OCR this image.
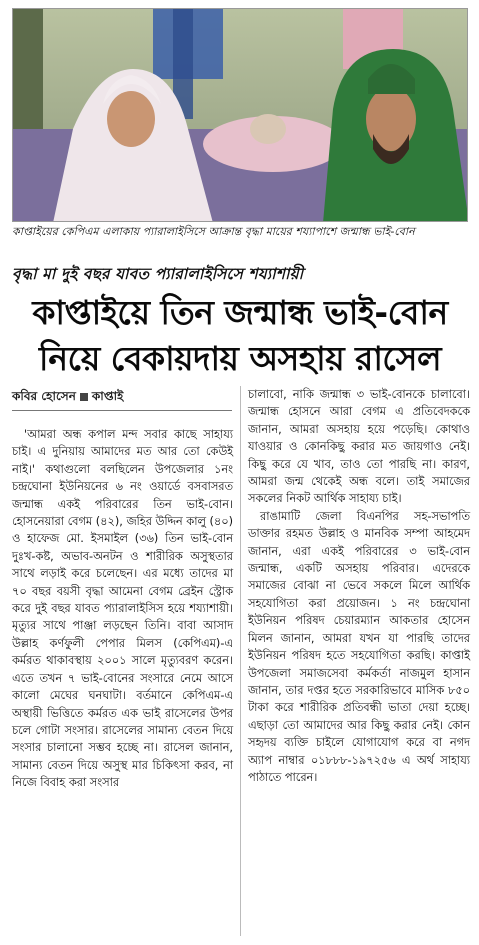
কাপ্তাইয়ের কেপিএম এলাকায় প্যারালাইসিসে আক্রান্ত বৃদ্ধা মায়ের শয্যাপাশে জন্মান্ধ ভাই-বোন
বৃদ্ধা মা দুই বছর যাবত প্যারালাইসিসে শয্যাশায়ী
কাপ্তাইয়ে তিন জন্মান্ধ ভাই-বোন
নিয়ে বেকায়দায় অসহায় রাসেল
কবির হোসেন কাপ্তাই

'আমরা অন্ধ কপাল মন্দ সবার কাছে সাহায্য চাই। এ দুনিয়ায় আমাদের মত আর তো কেউই নাই।' কথাগুলো বলছিলেন উপজেলার ১নং চন্দ্রঘোনা ইউনিয়নের ৬ নং ওয়ার্ডে বসবাসরত জন্মান্ধ একই পরিবারের তিন ভাই-বোন। হোসনেয়ারা বেগম (৪২), জহির উদ্দিন কালু (৪০) ও হাফেজ মো. ইসমাইল (৩৬) তিন ভাই-বোন দুঃখ-কষ্ট, অভাব-অনটন ও শারীরিক অসুস্থতার সাথে লড়াই করে চলেছেন। এর মধ্যে তাদের মা ৭০ বছর বয়সী বৃদ্ধা আমেনা বেগম ব্রেইন স্ট্রোক করে দুই বছর যাবত প্যারালাইসিস হয়ে শয্যাশায়ী। মৃত্যুর সাথে পাঞ্জা লড়ছেন তিনি। বাবা আসাদ উল্লাহ কর্ণফুলী পেপার মিলস (কেপিএম)-এ কর্মরত থাকাবস্থায় ২০০১ সালে মৃত্যুবরণ করেন। এতে তখন ৭ ভাই-বোনের সংসারে নেমে আসে কালো মেঘের ঘনঘাটা। বর্তমানে কেপিএম-এ অস্থায়ী ভিত্তিতে কর্মরত এক ভাই রাসেলের উপর চলে গোটা সংসার। রাসেলের সামান্য বেতন দিয়ে সংসার চালানো সম্ভব হচ্ছে না। রাসেল জানান, সামান্য বেতন দিয়ে অসুস্থ মার চিকিৎসা করব, না নিজে বিবাহ করা সংসার

চালাবো, নাকি জন্মান্ধ ৩ ভাই-বোনকে চালাবো। জন্মান্ধ হোসনে আরা বেগম এ প্রতিবেদককে জানান, আমরা অসহায় হয়ে পড়েছি। কোথাও যাওয়ার ও কোনকিছু করার মত জায়গাও নেই। কিছু করে যে খাব, তাও তো পারছি না। কারণ, আমরা জন্ম থেকেই অন্ধ বলে। তাই সমাজের সকলের নিকট আর্থিক সাহায্য চাই।

রাঙামাটি জেলা বিএনপির সহ-সভাপতি ডাক্তার রহমত উল্লাহ ও মানবিক সম্পা আহমেদ জানান, এরা একই পরিবারের ৩ ভাই-বোন জন্মান্ধ, একটি অসহায় পরিবার। এদেরকে সমাজের বোঝা না ভেবে সকলে মিলে আর্থিক সহযোগিতা করা প্রয়োজন। ১ নং চন্দ্রঘোনা ইউনিয়ন পরিষদ চেয়ারম্যান আকতার হোসেন মিলন জানান, আমরা যখন যা পারছি তাদের ইউনিয়ন পরিষদ হতে সহযোগিতা করছি। কাপ্তাই উপজেলা সমাজসেবা কর্মকর্তা নাজমুল হাসান জানান, তার দপ্তর হতে সরকারিভাবে মাসিক ৮৫০ টাকা করে শারীরিক প্রতিবন্ধী ভাতা দেয়া হচ্ছে। এছাড়া তো আমাদের আর কিছু করার নেই। কোন সহৃদয় ব্যক্তি চাইলে যোগাযোগ করে বা নগদ অ্যাপ নাম্বার ০১৮৮৮-১৯৭২৫৬ এ অর্থ সাহায্য পাঠাতে পারেন।
